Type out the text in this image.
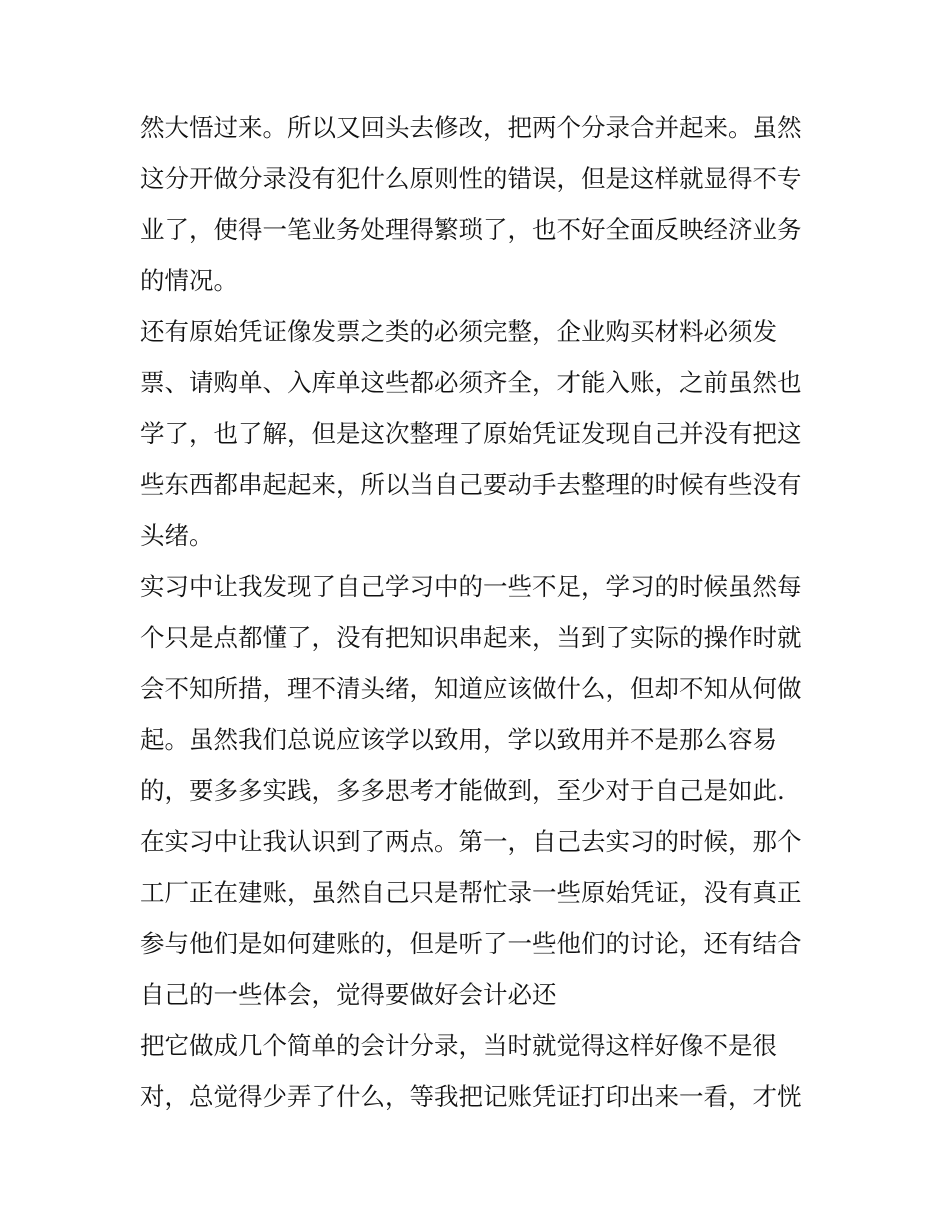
然大悟过来。所以又回头去修改，把两个分录合并起来。虽然

这分开做分录没有犯什么原则性的错误，但是这样就显得不专

业了，使得一笔业务处理得繁琐了，也不好全面反映经济业务

的情况。

还有原始凭证像发票之类的必须完整，企业购买材料必须发

票、请购单、入库单这些都必须齐全，才能入账，之前虽然也

学了，也了解，但是这次整理了原始凭证发现自己并没有把这

些东西都串起起来，所以当自己要动手去整理的时候有些没有

头绪。

实习中让我发现了自己学习中的一些不足，学习的时候虽然每

个只是点都懂了，没有把知识串起来，当到了实际的操作时就

会不知所措，理不清头绪，知道应该做什么，但却不知从何做

起。虽然我们总说应该学以致用，学以致用并不是那么容易

的，要多多实践，多多思考才能做到，至少对于自己是如此.

在实习中让我认识到了两点。第一，自己去实习的时候，那个

工厂正在建账，虽然自己只是帮忙录一些原始凭证，没有真正

参与他们是如何建账的，但是听了一些他们的讨论，还有结合

自己的一些体会，觉得要做好会计必还

把它做成几个简单的会计分录，当时就觉得这样好像不是很

对，总觉得少弄了什么，等我把记账凭证打印出来一看，才恍
